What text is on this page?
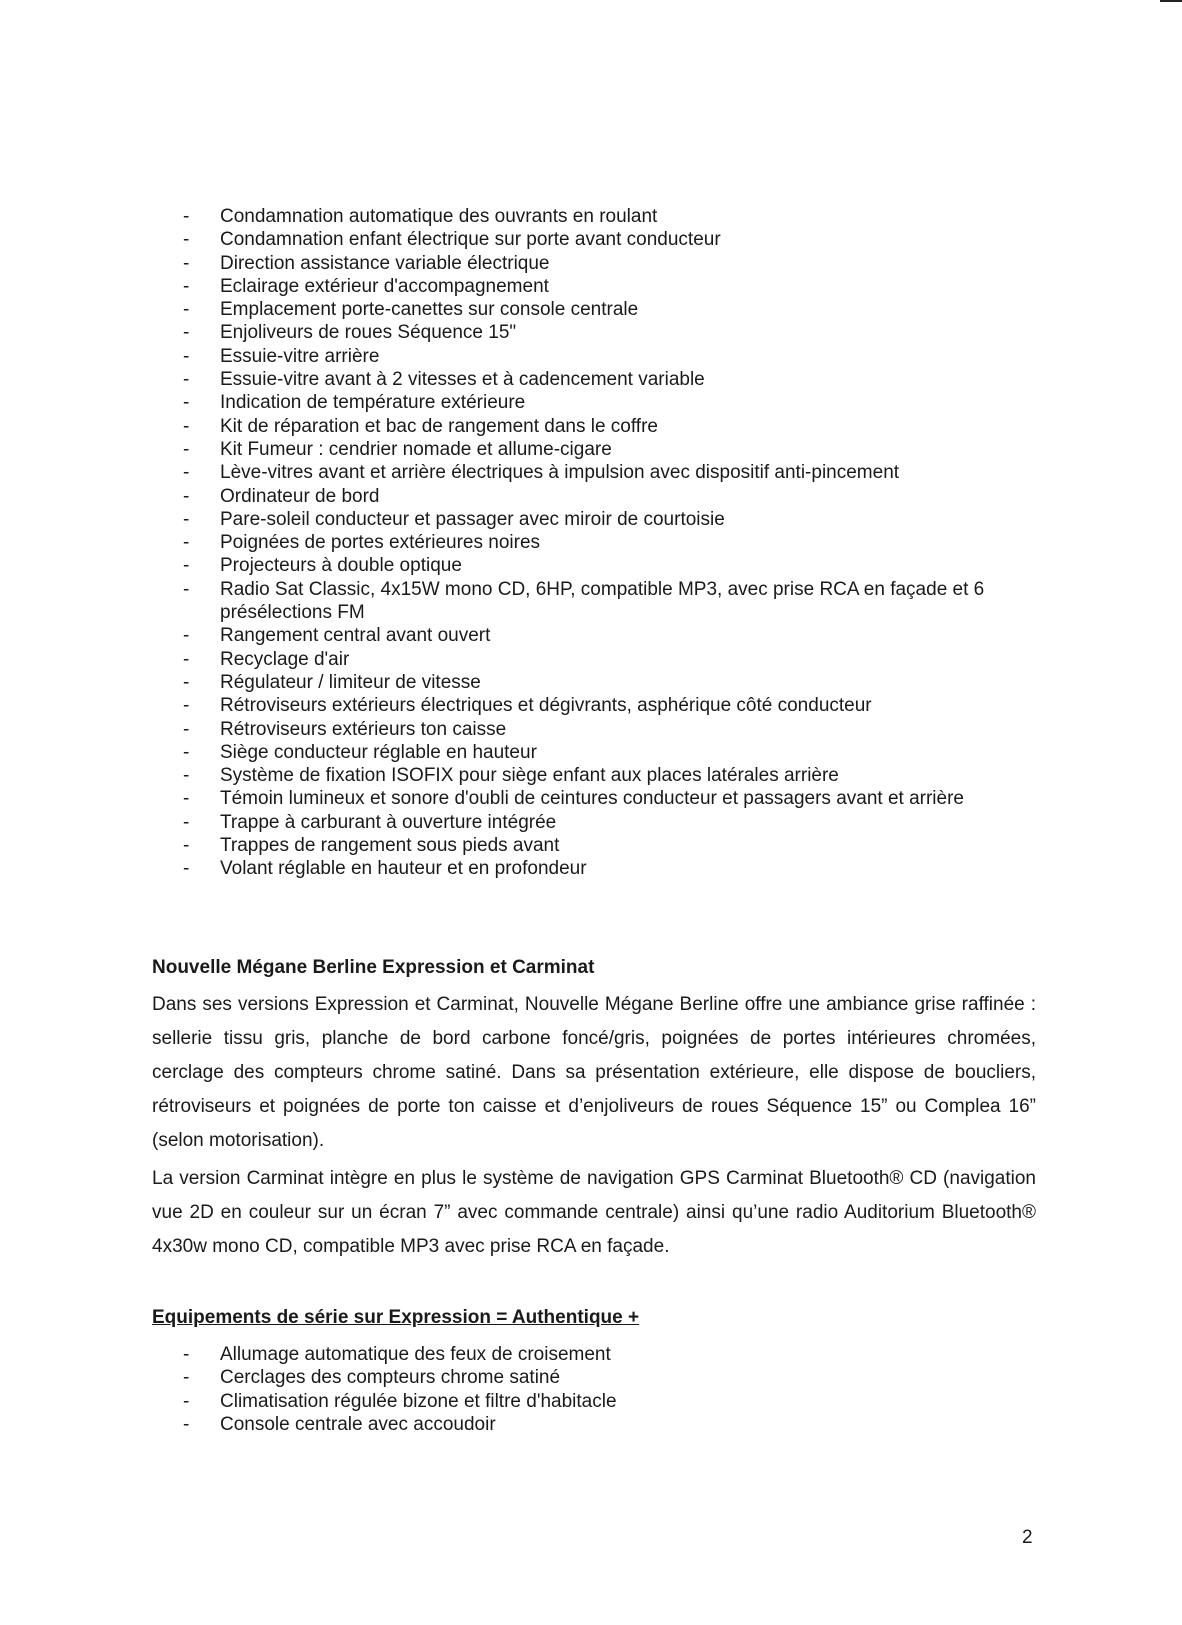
- Condamnation automatique des ouvrants en roulant
- Condamnation enfant électrique sur porte avant conducteur
- Direction assistance variable électrique
- Eclairage extérieur d'accompagnement
- Emplacement porte-canettes sur console centrale
- Enjoliveurs de roues Séquence 15"
- Essuie-vitre arrière
- Essuie-vitre avant à 2 vitesses et à cadencement variable
- Indication de température extérieure
- Kit de réparation et bac de rangement dans le coffre
- Kit Fumeur : cendrier nomade et allume-cigare
- Lève-vitres avant et arrière électriques à impulsion avec dispositif anti-pincement
- Ordinateur de bord
- Pare-soleil conducteur et passager avec miroir de courtoisie
- Poignées de portes extérieures noires
- Projecteurs à double optique
- Radio Sat Classic, 4x15W mono CD, 6HP, compatible MP3, avec prise RCA en façade et 6 présélections FM
- Rangement central avant ouvert
- Recyclage d'air
- Régulateur / limiteur de vitesse
- Rétroviseurs extérieurs électriques et dégivrants, asphérique côté conducteur
- Rétroviseurs extérieurs ton caisse
- Siège conducteur réglable en hauteur
- Système de fixation ISOFIX pour siège enfant aux places latérales arrière
- Témoin lumineux et sonore d'oubli de ceintures conducteur et passagers avant et arrière
- Trappe à carburant à ouverture intégrée
- Trappes de rangement sous pieds avant
- Volant réglable en hauteur et en profondeur
Nouvelle Mégane Berline Expression et Carminat

Dans ses versions Expression et Carminat, Nouvelle Mégane Berline offre une ambiance grise raffinée : sellerie tissu gris, planche de bord carbone foncé/gris, poignées de portes intérieures chromées, cerclage des compteurs chrome satiné. Dans sa présentation extérieure, elle dispose de boucliers, rétroviseurs et poignées de porte ton caisse et d’enjoliveurs de roues Séquence 15” ou Complea 16” (selon motorisation).

La version Carminat intègre en plus le système de navigation GPS Carminat Bluetooth® CD (navigation vue 2D en couleur sur un écran 7” avec commande centrale) ainsi qu’une radio Auditorium Bluetooth® 4x30w mono CD, compatible MP3 avec prise RCA en façade.

Equipements de série sur Expression = Authentique +
- Allumage automatique des feux de croisement
- Cerclages des compteurs chrome satiné
- Climatisation régulée bizone et filtre d'habitacle
- Console centrale avec accoudoir
2
